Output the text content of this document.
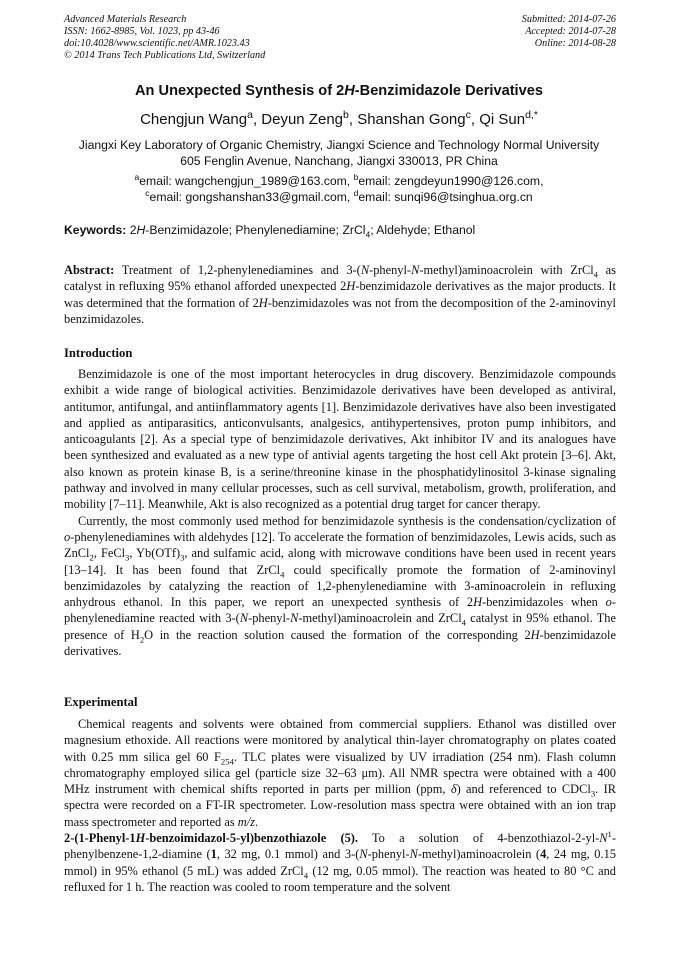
Advanced Materials Research
ISSN: 1662-8985, Vol. 1023, pp 43-46
doi:10.4028/www.scientific.net/AMR.1023.43
© 2014 Trans Tech Publications Ltd, Switzerland
Submitted: 2014-07-26
Accepted: 2014-07-28
Online: 2014-08-28
An Unexpected Synthesis of 2H-Benzimidazole Derivatives
Chengjun Wang$^a$, Deyun Zeng$^b$, Shanshan Gong$^c$, Qi Sun$^{d,*}$
Jiangxi Key Laboratory of Organic Chemistry, Jiangxi Science and Technology Normal University
605 Fenglin Avenue, Nanchang, Jiangxi 330013, PR China
$^a$email: wangchengjun_1989@163.com, $^b$email: zengdeyun1990@126.com,
$^c$email: gongshanshan33@gmail.com, $^d$email: sunqi96@tsinghua.org.cn
Keywords: 2H-Benzimidazole; Phenylenediamine; ZrCl$_4$; Aldehyde; Ethanol

Abstract: Treatment of 1,2-phenylenediamines and 3-(N-phenyl-N-methyl)aminoacrolein with ZrCl$_4$ as catalyst in refluxing 95% ethanol afforded unexpected 2H-benzimidazole derivatives as the major products. It was determined that the formation of 2H-benzimidazoles was not from the decomposition of the 2-aminovinyl benzimidazoles.

Introduction

Benzimidazole is one of the most important heterocycles in drug discovery. Benzimidazole compounds exhibit a wide range of biological activities. Benzimidazole derivatives have been developed as antiviral, antitumor, antifungal, and antiinflammatory agents [1]. Benzimidazole derivatives have also been investigated and applied as antiparasitics, anticonvulsants, analgesics, antihypertensives, proton pump inhibitors, and anticoagulants [2]. As a special type of benzimidazole derivatives, Akt inhibitor IV and its analogues have been synthesized and evaluated as a new type of antivial agents targeting the host cell Akt protein [3–6]. Akt, also known as protein kinase B, is a serine/threonine kinase in the phosphatidylinositol 3-kinase signaling pathway and involved in many cellular processes, such as cell survival, metabolism, growth, proliferation, and mobility [7–11]. Meanwhile, Akt is also recognized as a potential drug target for cancer therapy.

Currently, the most commonly used method for benzimidazole synthesis is the condensation/cyclization of o-phenylenediamines with aldehydes [12]. To accelerate the formation of benzimidazoles, Lewis acids, such as ZnCl$_2$, FeCl$_3$, $Yb(OTf)_3$, and sulfamic acid, along with microwave conditions have been used in recent years [13–14]. It has been found that ZrCl$_4$ could specifically promote the formation of 2-aminovinyl benzimidazoles by catalyzing the reaction of 1,2-phenylenediamine with 3-aminoacrolein in refluxing anhydrous ethanol. In this paper, we report an unexpected synthesis of 2H-benzimidazoles when o-phenylenediamine reacted with 3-(N-phenyl-N-methyl)aminoacrolein and ZrCl$_4$ catalyst in 95% ethanol. The presence of $H_2O$ in the reaction solution caused the formation of the corresponding 2H-benzimidazole derivatives.

Experimental

Chemical reagents and solvents were obtained from commercial suppliers. Ethanol was distilled over magnesium ethoxide. All reactions were monitored by analytical thin-layer chromatography on plates coated with 0.25 mm silica gel 60 $F_{254}$. TLC plates were visualized by UV irradiation (254 nm). Flash column chromatography employed silica gel (particle size 32–63 μm). All NMR spectra were obtained with a 400 MHz instrument with chemical shifts reported in parts per million (ppm, δ) and referenced to CDCl$_3$. IR spectra were recorded on a FT-IR spectrometer. Low-resolution mass spectra were obtained with an ion trap mass spectrometer and reported as m/z.

2-(1-Phenyl-1H-benzoimidazol-5-yl)benzothiazole (5). To a solution of $4-benzothiazol-2-yl-N^1-phenylbenzene-1,2$-diamine (1, 32 mg, 0.1 mmol) and 3-(N-phenyl-N-methyl)aminoacrolein (4, 24 mg, 0.15 mmol) in 95% ethanol (5 mL) was added ZrCl$_4$ (12 mg, 0.05 mmol). The reaction was heated to 80 °C and refluxed for 1 h. The reaction was cooled to room temperature and the solvent
